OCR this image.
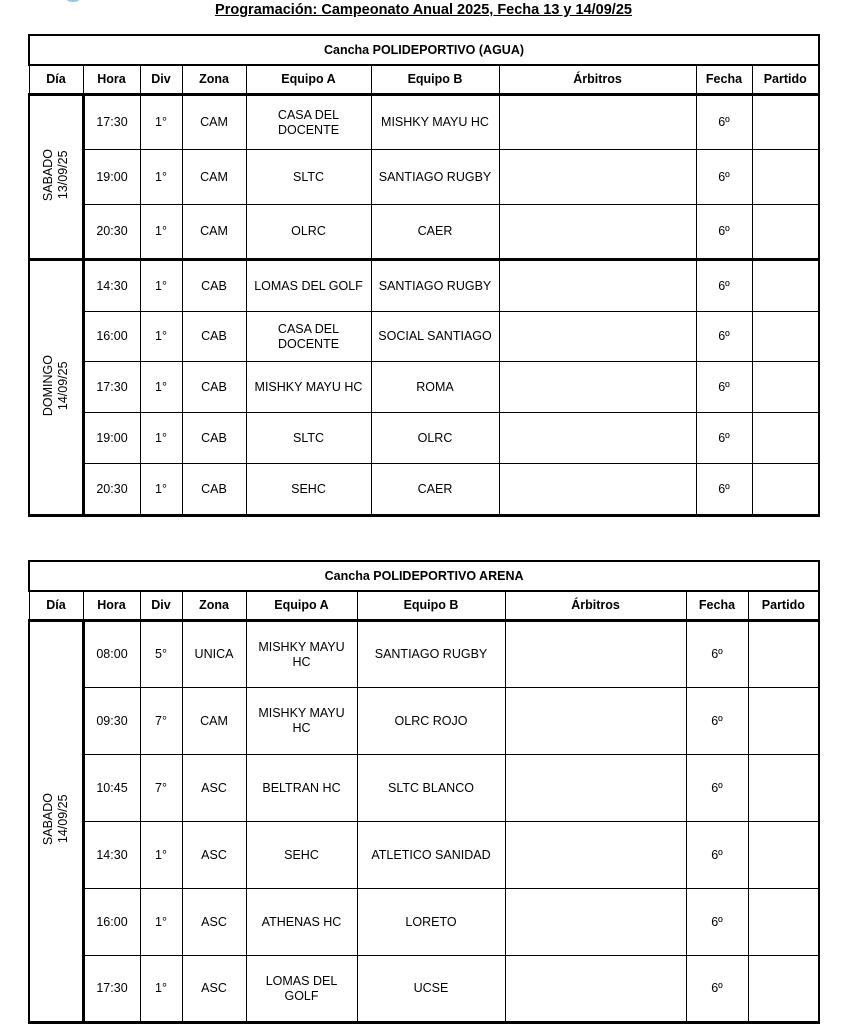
Programación: Campeonato Anual 2025, Fecha 13 y 14/09/25
Cancha POLIDEPORTIVO (AGUA)								
Día	Hora	Div	Zona	Equipo A	Equipo B	Árbitros	Fecha	Partido

SABADO 13/09/25	17:30	1°	CAM	CASA DEL DOCENTE	MISHKY MAYU HC		6º	
	19:00	1°	CAM	SLTC	SANTIAGO RUGBY		6º	
	20:30	1°	CAM	OLRC	CAER		6º	

DOMINGO 14/09/25	14:30	1°	CAB	LOMAS DEL GOLF	SANTIAGO RUGBY		6º	
	16:00	1°	CAB	CASA DEL DOCENTE	SOCIAL SANTIAGO		6º	
	17:30	1°	CAB	MISHKY MAYU HC	ROMA		6º	
	19:00	1°	CAB	SLTC	OLRC		6º	
	20:30	1°	CAB	SEHC	CAER		6º	
Cancha POLIDEPORTIVO ARENA								
Día	Hora	Div	Zona	Equipo A	Equipo B	Árbitros	Fecha	Partido

SABADO 14/09/25	08:00	5°	UNICA	MISHKY MAYU HC	SANTIAGO RUGBY		6º	
	09:30	7°	CAM	MISHKY MAYU HC	OLRC ROJO		6º	
	10:45	7°	ASC	BELTRAN HC	SLTC BLANCO		6º	
	14:30	1°	ASC	SEHC	ATLETICO SANIDAD		6º	
	16:00	1°	ASC	ATHENAS HC	LORETO		6º	
	17:30	1°	ASC	LOMAS DEL GOLF	UCSE		6º	
